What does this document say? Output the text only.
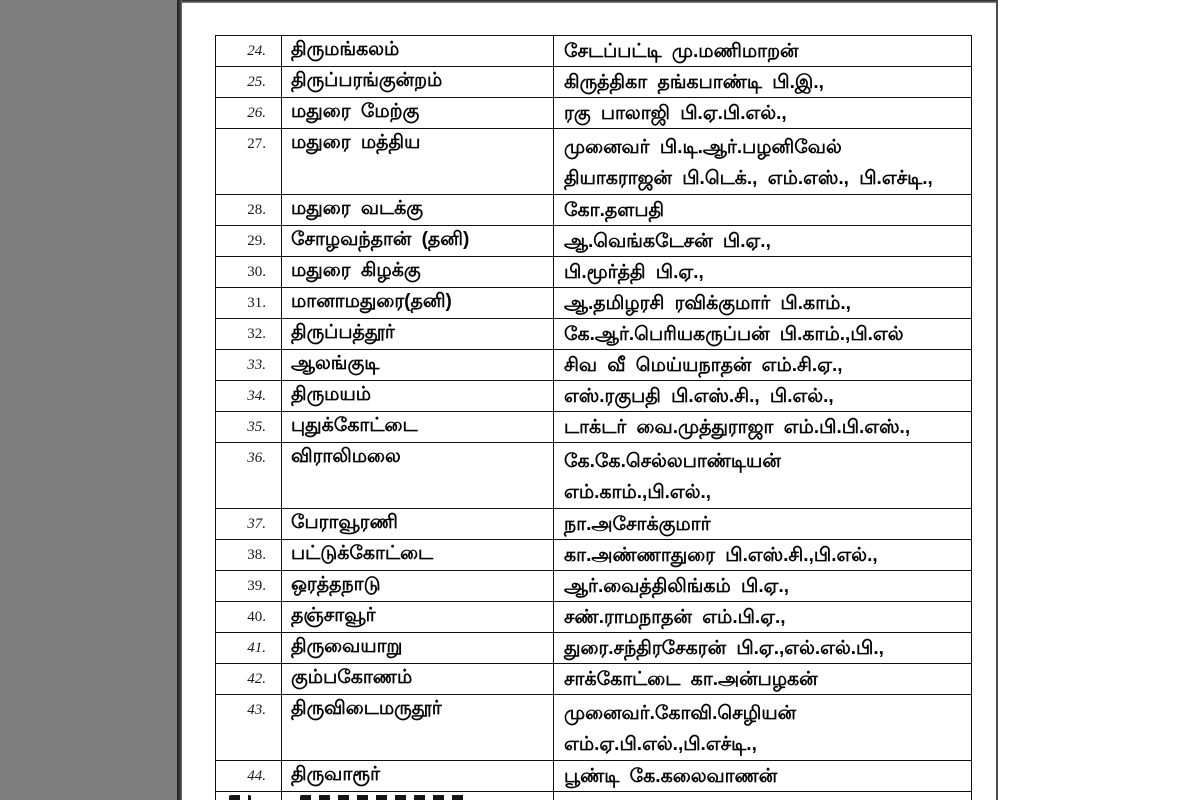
24.	திருமங்கலம்	சேடப்பட்டி மு.மணிமாறன்
25.	திருப்பரங்குன்றம்	கிருத்திகா தங்கபாண்டி பி.இ.,
26.	மதுரை மேற்கு	ரகு பாலாஜி பி.ஏ.பி.எல்.,
27.	மதுரை மத்திய	முனைவர் பி.டி.ஆர்.பழனிவேல்
தியாகராஜன் பி.டெக்., எம்.எஸ்., பி.எச்டி.,
28.	மதுரை வடக்கு	கோ.தளபதி
29.	சோழவந்தான் (தனி)	ஆ.வெங்கடேசன் பி.ஏ.,
30.	மதுரை கிழக்கு	பி.மூர்த்தி பி.ஏ.,
31.	மானாமதுரை(தனி)	ஆ.தமிழரசி ரவிக்குமார் பி.காம்.,
32.	திருப்பத்தூர்	கே.ஆர்.பெரியகருப்பன் பி.காம்.,பி.எல்
33.	ஆலங்குடி	சிவ வீ மெய்யநாதன் எம்.சி.ஏ.,
34.	திருமயம்	எஸ்.ரகுபதி பி.எஸ்.சி., பி.எல்.,
35.	புதுக்கோட்டை	டாக்டர் வை.முத்துராஜா எம்.பி.பி.எஸ்.,
36.	விராலிமலை	கே.கே.செல்லபாண்டியன்
எம்.காம்.,பி.எல்.,
37.	பேராவூரணி	நா.அசோக்குமார்
38.	பட்டுக்கோட்டை	கா.அண்ணாதுரை பி.எஸ்.சி.,பி.எல்.,
39.	ஒரத்தநாடு	ஆர்.வைத்திலிங்கம் பி.ஏ.,
40.	தஞ்சாவூர்	சண்.ராமநாதன் எம்.பி.ஏ.,
41.	திருவையாறு	துரை.சந்திரசேகரன் பி.ஏ.,எல்.எல்.பி.,
42.	கும்பகோணம்	சாக்கோட்டை கா.அன்பழகன்
43.	திருவிடைமருதூர்	முனைவர்.கோவி.செழியன்
எம்.ஏ.பி.எல்.,பி.எச்டி.,
44.	திருவாரூர்	பூண்டி கே.கலைவாணன்
